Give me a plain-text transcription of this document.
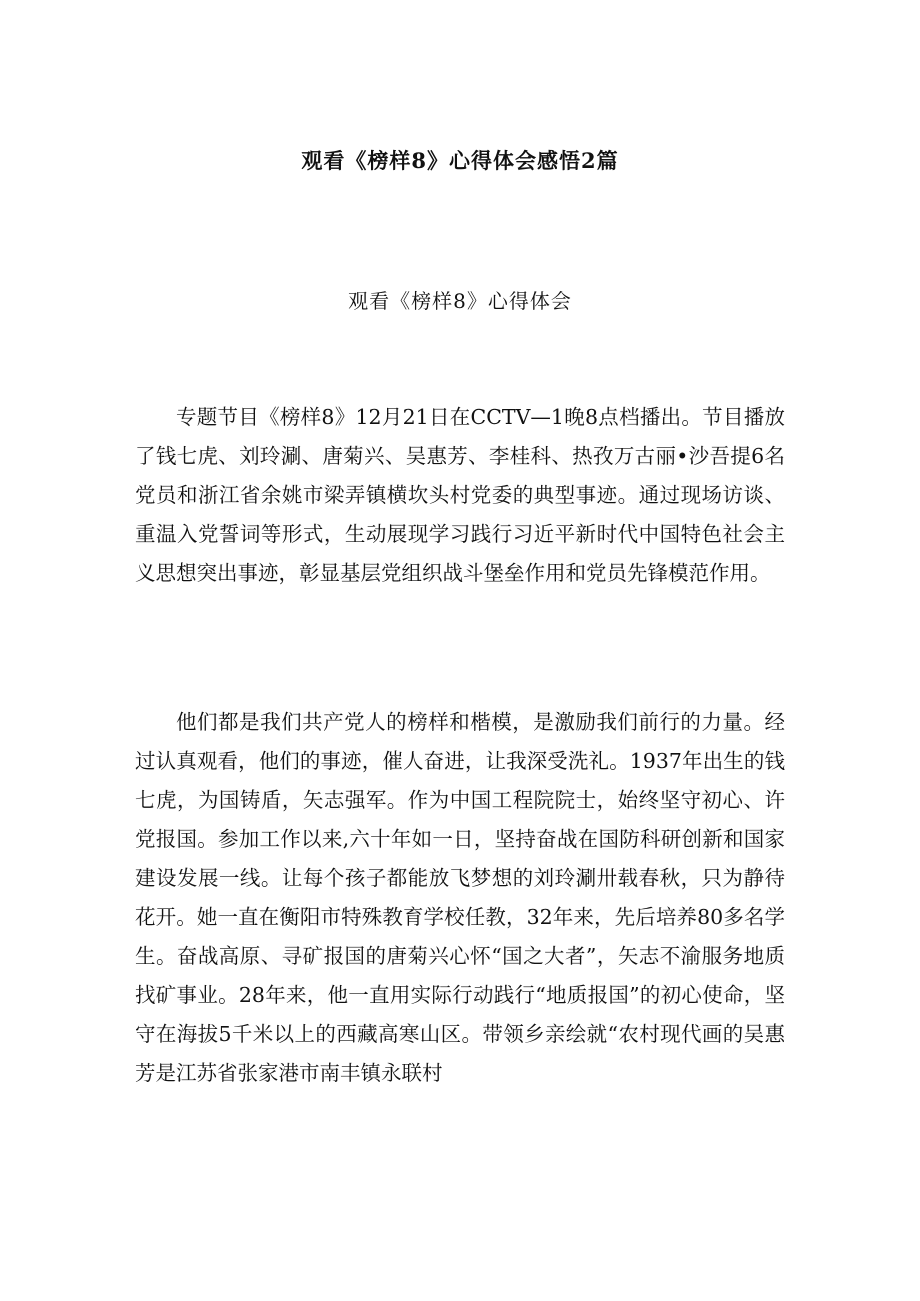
观看《榜样8》心得体会感悟2篇
观看《榜样8》心得体会

专题节目《榜样8》12月21日在CCTV—1晚8点档播出。节目播放了钱七虎、刘玲涮、唐菊兴、吴惠芳、李桂科、热孜万古丽•沙吾提6名党员和浙江省余姚市梁弄镇横坎头村党委的典型事迹。通过现场访谈、重温入党誓词等形式，生动展现学习践行习近平新时代中国特色社会主义思想突出事迹，彰显基层党组织战斗堡垒作用和党员先锋模范作用。

他们都是我们共产党人的榜样和楷模，是激励我们前行的力量。经过认真观看，他们的事迹，催人奋进，让我深受洗礼。1937年出生的钱七虎，为国铸盾，矢志强军。作为中国工程院院士，始终坚守初心、许党报国。参加工作以来,六十年如一日，坚持奋战在国防科研创新和国家建设发展一线。让每个孩子都能放飞梦想的刘玲涮卅载春秋，只为静待花开。她一直在衡阳市特殊教育学校任教，32年来，先后培养80多名学生。奋战高原、寻矿报国的唐菊兴心怀“国之大者”，矢志不渝服务地质找矿事业。28年来，他一直用实际行动践行“地质报国”的初心使命，坚守在海拔5千米以上的西藏高寒山区。带领乡亲绘就“农村现代画的吴惠芳是江苏省张家港市南丰镇永联村
